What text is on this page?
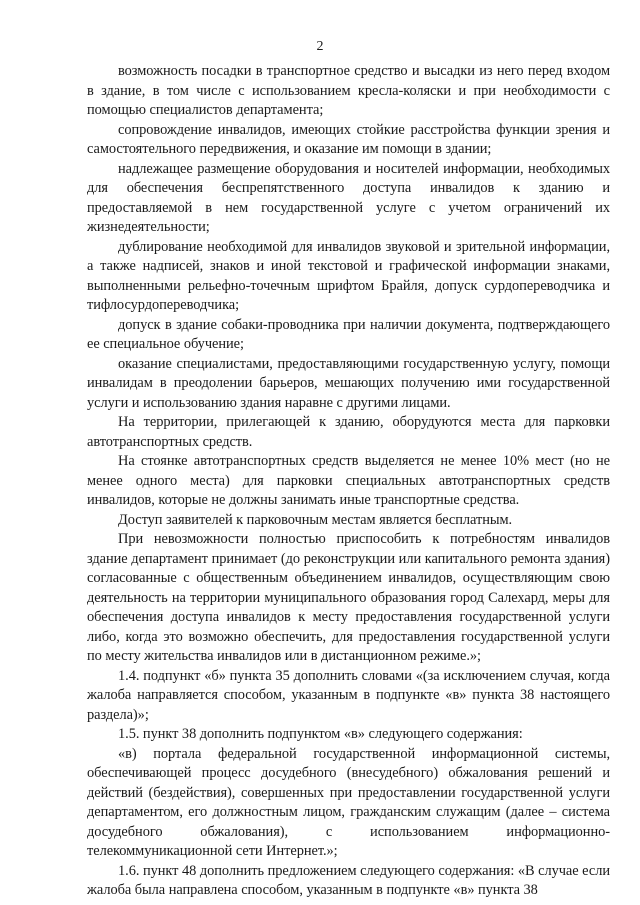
2

возможность посадки в транспортное средство и высадки из него перед входом в здание, в том числе с использованием кресла-коляски и при необходимости с помощью специалистов департамента;

сопровождение инвалидов, имеющих стойкие расстройства функции зрения и самостоятельного передвижения, и оказание им помощи в здании;

надлежащее размещение оборудования и носителей информации, необходимых для обеспечения беспрепятственного доступа инвалидов к зданию и предоставляемой в нем государственной услуге с учетом ограничений их жизнедеятельности;

дублирование необходимой для инвалидов звуковой и зрительной информации, а также надписей, знаков и иной текстовой и графической информации знаками, выполненными рельефно-точечным шрифтом Брайля, допуск сурдопереводчика и тифлосурдопереводчика;

допуск в здание собаки-проводника при наличии документа, подтверждающего ее специальное обучение;

оказание специалистами, предоставляющими государственную услугу, помощи инвалидам в преодолении барьеров, мешающих получению ими государственной услуги и использованию здания наравне с другими лицами.

На территории, прилегающей к зданию, оборудуются места для парковки автотранспортных средств.

На стоянке автотранспортных средств выделяется не менее 10% мест (но не менее одного места) для парковки специальных автотранспортных средств инвалидов, которые не должны занимать иные транспортные средства.

Доступ заявителей к парковочным местам является бесплатным.

При невозможности полностью приспособить к потребностям инвалидов здание департамент принимает (до реконструкции или капитального ремонта здания) согласованные с общественным объединением инвалидов, осуществляющим свою деятельность на территории муниципального образования город Салехард, меры для обеспечения доступа инвалидов к месту предоставления государственной услуги либо, когда это возможно обеспечить, для предоставления государственной услуги по месту жительства инвалидов или в дистанционном режиме.»;

1.4. подпункт «б» пункта 35 дополнить словами «(за исключением случая, когда жалоба направляется способом, указанным в подпункте «в» пункта 38 настоящего раздела)»;

1.5. пункт 38 дополнить подпунктом «в» следующего содержания:

«в) портала федеральной государственной информационной системы, обеспечивающей процесс досудебного (внесудебного) обжалования решений и действий (бездействия), совершенных при предоставлении государственной услуги департаментом, его должностным лицом, гражданским служащим (далее – система досудебного обжалования), с использованием информационно-телекоммуникационной сети Интернет.»;

1.6. пункт 48 дополнить предложением следующего содержания: «В случае если жалоба была направлена способом, указанным в подпункте «в» пункта 38
